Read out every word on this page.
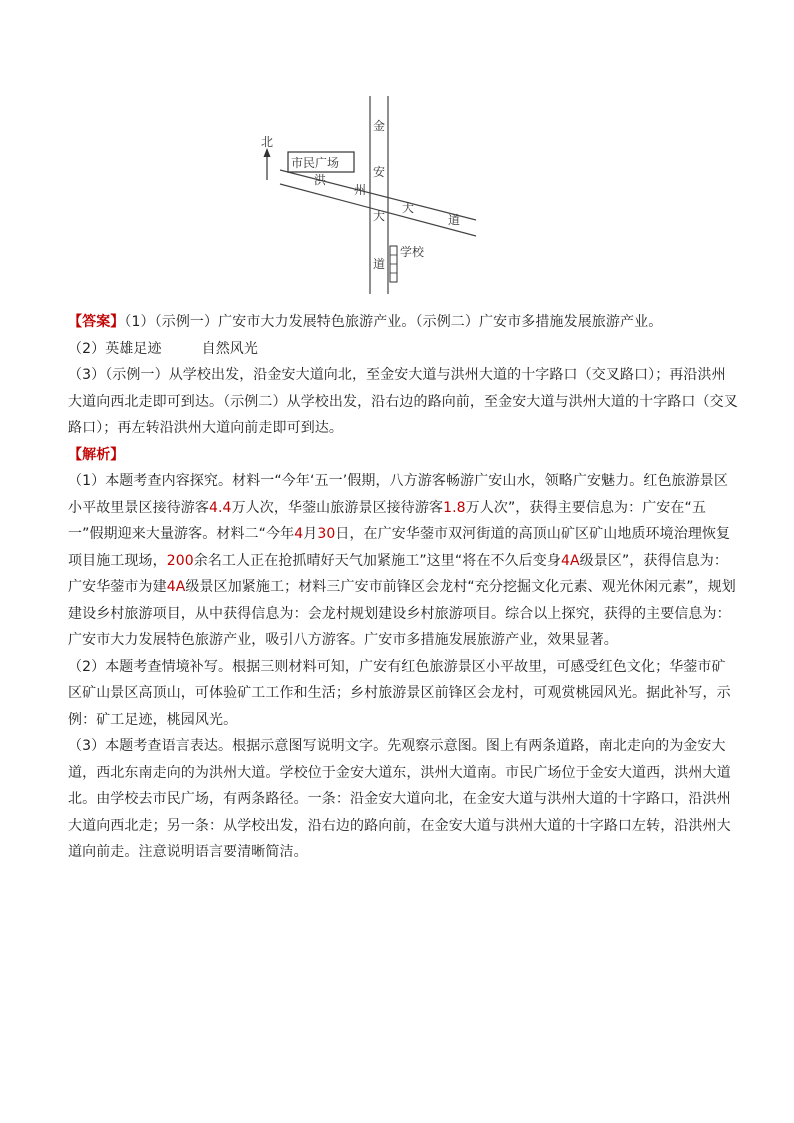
北
市民广场
金
安
大
道
洪
州
大
道
学校

【答案】（1）（示例一）广安市大力发展特色旅游产业。（示例二）广安市多措施发展旅游产业。

（2）英雄足迹	自然风光

（3）（示例一）从学校出发，沿金安大道向北，至金安大道与洪州大道的十字路口（交叉路口）；再沿洪州大道向西北走即可到达。（示例二）从学校出发，沿右边的路向前，至金安大道与洪州大道的十字路口（交叉路口）；再左转沿洪州大道向前走即可到达。

【解析】

（1）本题考查内容探究。材料一“今年‘五一’假期，八方游客畅游广安山水，领略广安魅力。红色旅游景区小平故里景区接待游客4.4万人次，华蓥山旅游景区接待游客1.8万人次”，获得主要信息为：广安在“五一”假期迎来大量游客。材料二“今年4月30日，在广安华蓥市双河街道的高顶山矿区矿山地质环境治理恢复项目施工现场，200余名工人正在抢抓晴好天气加紧施工”这里“将在不久后变身4A级景区”，获得信息为：广安华蓥市为建4A级景区加紧施工；材料三广安市前锋区会龙村“充分挖掘文化元素、观光休闲元素”，规划建设乡村旅游项目，从中获得信息为：会龙村规划建设乡村旅游项目。综合以上探究，获得的主要信息为：广安市大力发展特色旅游产业，吸引八方游客。广安市多措施发展旅游产业，效果显著。

（2）本题考查情境补写。根据三则材料可知，广安有红色旅游景区小平故里，可感受红色文化；华蓥市矿区矿山景区高顶山，可体验矿工工作和生活；乡村旅游景区前锋区会龙村，可观赏桃园风光。据此补写，示例：矿工足迹，桃园风光。

（3）本题考查语言表达。根据示意图写说明文字。先观察示意图。图上有两条道路，南北走向的为金安大道，西北东南走向的为洪州大道。学校位于金安大道东，洪州大道南。市民广场位于金安大道西，洪州大道北。由学校去市民广场，有两条路径。一条：沿金安大道向北，在金安大道与洪州大道的十字路口，沿洪州大道向西北走；另一条：从学校出发，沿右边的路向前，在金安大道与洪州大道的十字路口左转，沿洪州大道向前走。注意说明语言要清晰简洁。
